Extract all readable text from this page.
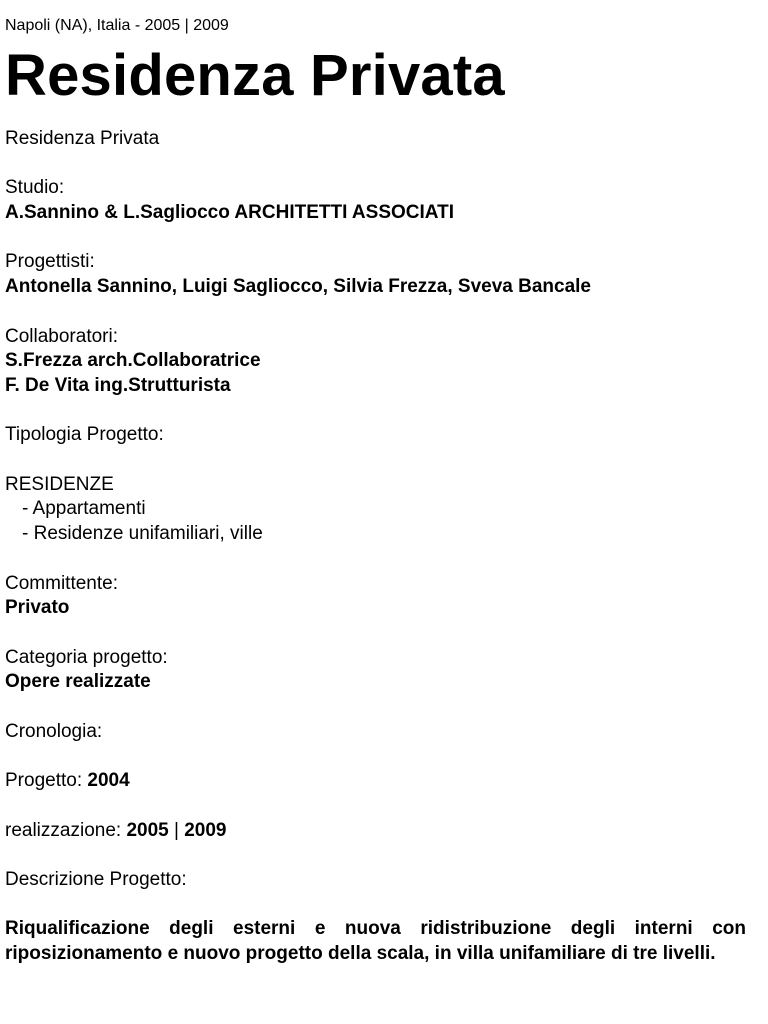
Napoli (NA), Italia - 2005 | 2009
Residenza Privata
Residenza Privata
Studio:
A.Sannino & L.Sagliocco ARCHITETTI ASSOCIATI
Progettisti:
Antonella Sannino, Luigi Sagliocco, Silvia Frezza, Sveva Bancale
Collaboratori:
S.Frezza arch.Collaboratrice
F. De Vita ing.Strutturista
Tipologia Progetto:
RESIDENZE
- Appartamenti
- Residenze unifamiliari, ville
Committente:
Privato
Categoria progetto:
Opere realizzate
Cronologia:
Progetto: 2004
realizzazione: 2005 | 2009
Descrizione Progetto:
Riqualificazione degli esterni e nuova ridistribuzione degli interni con riposizionamento e nuovo progetto della scala, in villa unifamiliare di tre livelli.
